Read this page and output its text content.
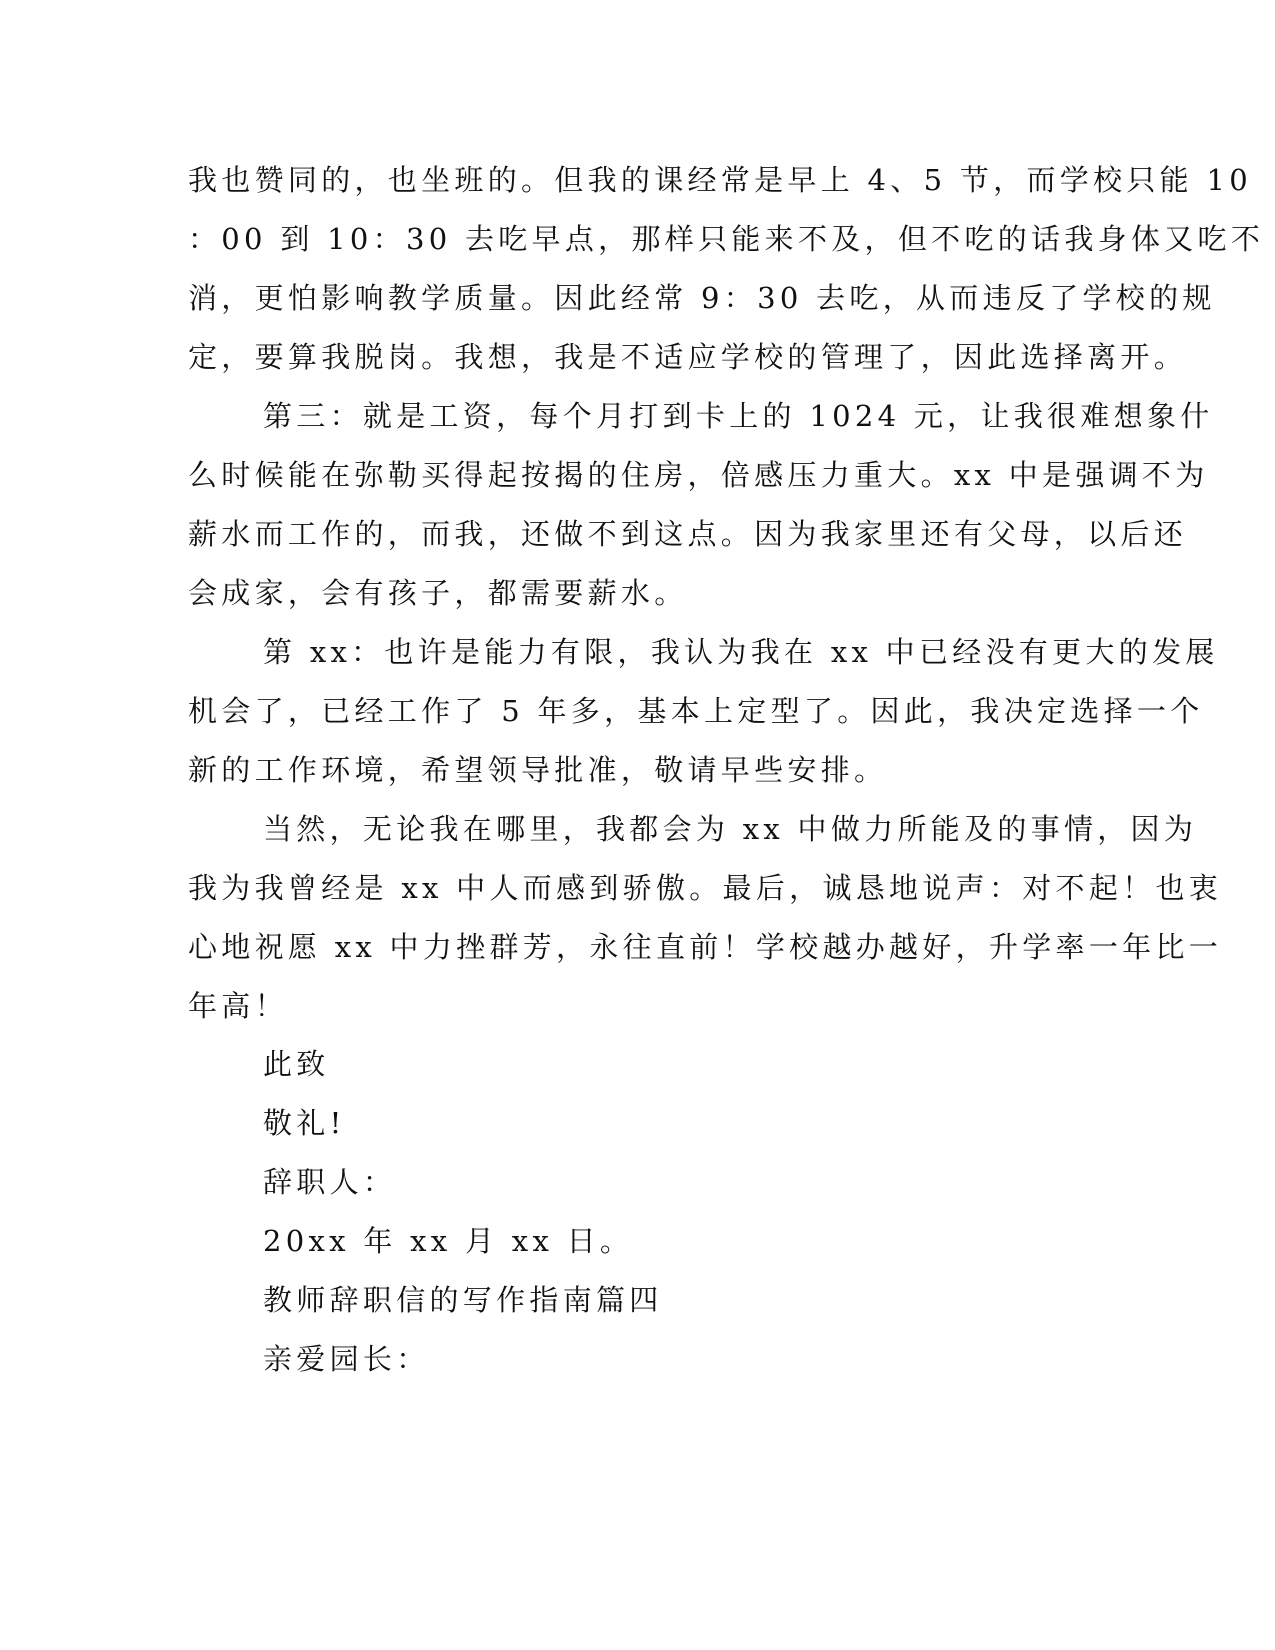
我也赞同的，也坐班的。但我的课经常是早上 4、5 节，而学校只能 10
：00 到 10：30 去吃早点，那样只能来不及，但不吃的话我身体又吃不
消，更怕影响教学质量。因此经常 9：30 去吃，从而违反了学校的规
定，要算我脱岗。我想，我是不适应学校的管理了，因此选择离开。
第三：就是工资，每个月打到卡上的 1024 元，让我很难想象什
么时候能在弥勒买得起按揭的住房，倍感压力重大。xx 中是强调不为
薪水而工作的，而我，还做不到这点。因为我家里还有父母，以后还
会成家，会有孩子，都需要薪水。
第 xx：也许是能力有限，我认为我在 xx 中已经没有更大的发展
机会了，已经工作了 5 年多，基本上定型了。因此，我决定选择一个
新的工作环境，希望领导批准，敬请早些安排。
当然，无论我在哪里，我都会为 xx 中做力所能及的事情，因为
我为我曾经是 xx 中人而感到骄傲。最后，诚恳地说声：对不起！也衷
心地祝愿 xx 中力挫群芳，永往直前！学校越办越好，升学率一年比一
年高！
此致
敬礼!
辞职人：
20xx 年 xx 月 xx 日。
教师辞职信的写作指南篇四
亲爱园长：
